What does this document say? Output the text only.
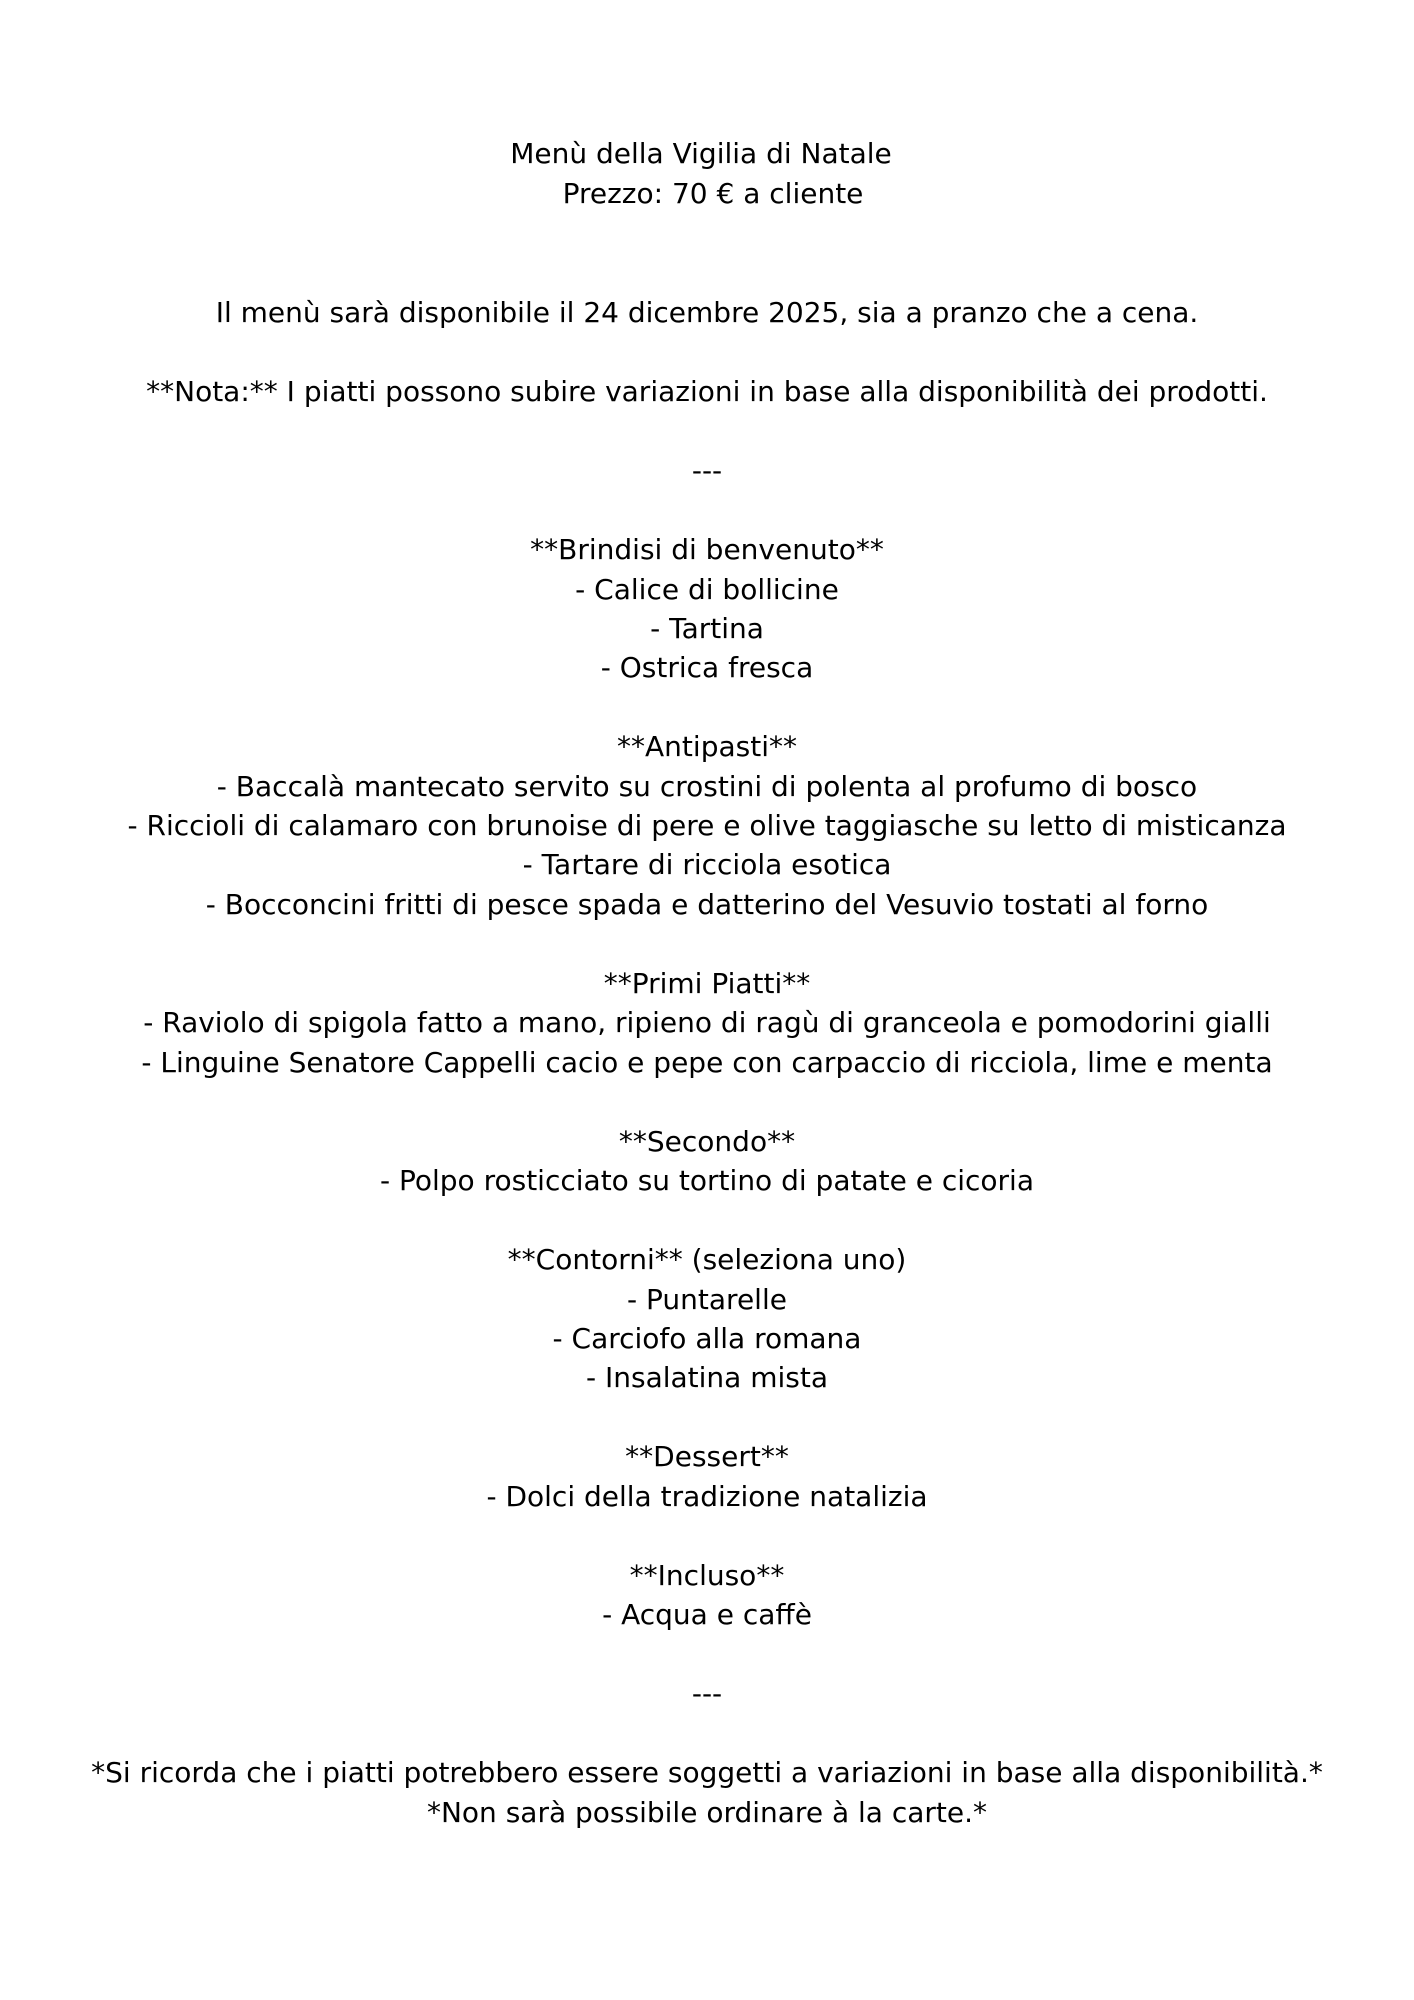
Menù della Vigilia di Natale
Prezzo: 70 € a cliente
Il menù sarà disponibile il 24 dicembre 2025, sia a pranzo che a cena.
**Nota:** I piatti possono subire variazioni in base alla disponibilità dei prodotti.
---
**Brindisi di benvenuto**
- Calice di bollicine
- Tartina
- Ostrica fresca
**Antipasti**
- Baccalà mantecato servito su crostini di polenta al profumo di bosco
- Riccioli di calamaro con brunoise di pere e olive taggiasche su letto di misticanza
- Tartare di ricciola esotica
- Bocconcini fritti di pesce spada e datterino del Vesuvio tostati al forno
**Primi Piatti**
- Raviolo di spigola fatto a mano, ripieno di ragù di granceola e pomodorini gialli
- Linguine Senatore Cappelli cacio e pepe con carpaccio di ricciola, lime e menta
**Secondo**
- Polpo rosticciato su tortino di patate e cicoria
**Contorni** (seleziona uno)
- Puntarelle
- Carciofo alla romana
- Insalatina mista
**Dessert**
- Dolci della tradizione natalizia
**Incluso**
- Acqua e caffè
---
*Si ricorda che i piatti potrebbero essere soggetti a variazioni in base alla disponibilità.*
*Non sarà possibile ordinare à la carte.*
